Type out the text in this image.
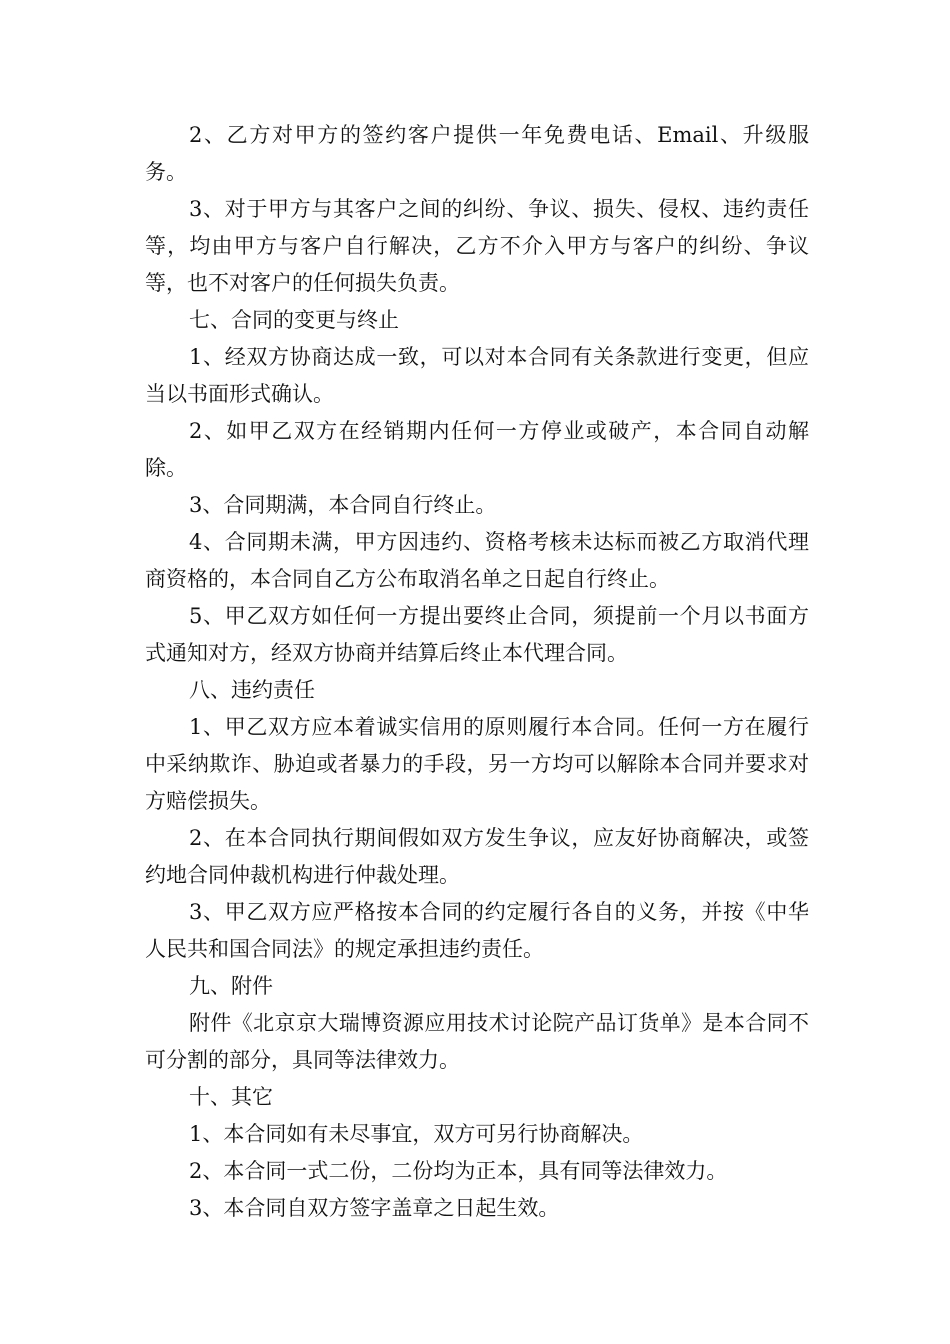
2、乙方对甲方的签约客户提供一年免费电话、Email、升级服务。

3、对于甲方与其客户之间的纠纷、争议、损失、侵权、违约责任等，均由甲方与客户自行解决，乙方不介入甲方与客户的纠纷、争议等，也不对客户的任何损失负责。

七、合同的变更与终止

1、经双方协商达成一致，可以对本合同有关条款进行变更，但应当以书面形式确认。

2、如甲乙双方在经销期内任何一方停业或破产，本合同自动解除。

3、合同期满，本合同自行终止。

4、合同期未满，甲方因违约、资格考核未达标而被乙方取消代理商资格的，本合同自乙方公布取消名单之日起自行终止。

5、甲乙双方如任何一方提出要终止合同，须提前一个月以书面方式通知对方，经双方协商并结算后终止本代理合同。

八、违约责任

1、甲乙双方应本着诚实信用的原则履行本合同。任何一方在履行中采纳欺诈、胁迫或者暴力的手段，另一方均可以解除本合同并要求对方赔偿损失。

2、在本合同执行期间假如双方发生争议，应友好协商解决，或签约地合同仲裁机构进行仲裁处理。

3、甲乙双方应严格按本合同的约定履行各自的义务，并按《中华人民共和国合同法》的规定承担违约责任。

九、附件

附件《北京京大瑞博资源应用技术讨论院产品订货单》是本合同不可分割的部分，具同等法律效力。

十、其它

1、本合同如有未尽事宜，双方可另行协商解决。

2、本合同一式二份，二份均为正本，具有同等法律效力。

3、本合同自双方签字盖章之日起生效。
